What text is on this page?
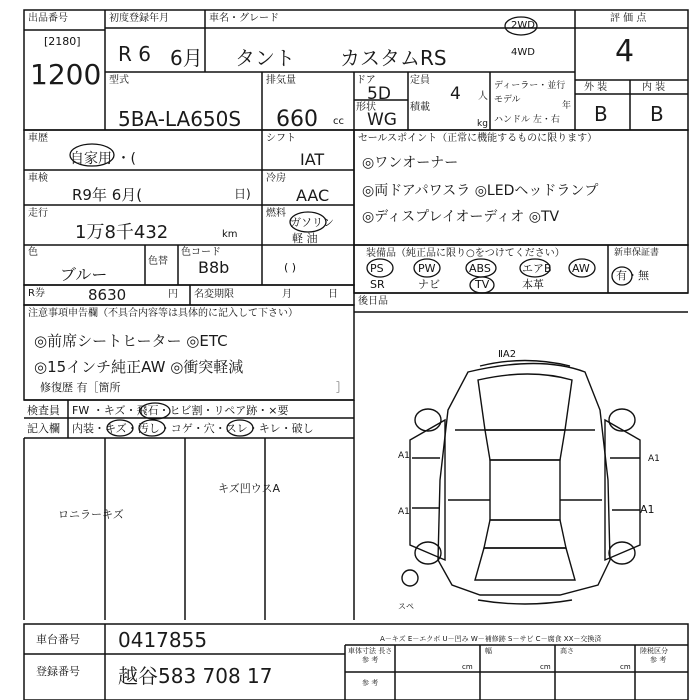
出品番号
[2180]
1200
初度登録年月
R 6 6月
車名・グレード
タント カスタムRS
2WD
4WD
評 価 点
4
型式
5BA-LA650S
排気量
660 cc
ドア
5D
形状
WG
定員
4 人
積載
kg
ディーラー・並行
モデル
年
ハンドル 左・右
外 装	内 装
B B
車歴
自家用 ・(
車検
R9年 6月(	日)
走行
1万8千432	km
色
ブルー
色替
色コード
B8b
シフト
IAT
冷房
AAC
燃料
ガソリン
軽 油
( )
R券	8630	円 名変期限	月	日
セールスポイント（正常に機能するものに限ります）
◎ワンオーナー
◎両ドアパワスラ ◎LEDヘッドランプ
◎ディスプレイオーディオ ◎TV
装備品（純正品に限り○をつけてください）
PS	PW	ABS	エアB AW
SR	ナビ	TV	本革
新車保証書
有・無
後日品
注意事項申告欄（不具合内容等は具体的に記入して下さい）
◎前席シートヒーター ◎ETC
◎15インチ純正AW ◎衝突軽減
修復歴 有［箇所	］
検査員
記入欄
FW ・キズ・飛石・ヒビ割・リペア跡・×要
内装・キズ・汚し・コゲ・穴・スレ・キレ・破し
キズ凹ウスA
ロニラーキズ
ⅡA2
A1	A1
A1	A1
スペ
A－キズ E－エクボ U－凹み W－補修跡 S－サビ C－腐食 XX－交換済
車台番号 0417855
登録番号 越谷583 708 17
車体寸法 長さ
参 考
幅	高さ	陸税区分
参 考
cm	cm	cm
参 考
